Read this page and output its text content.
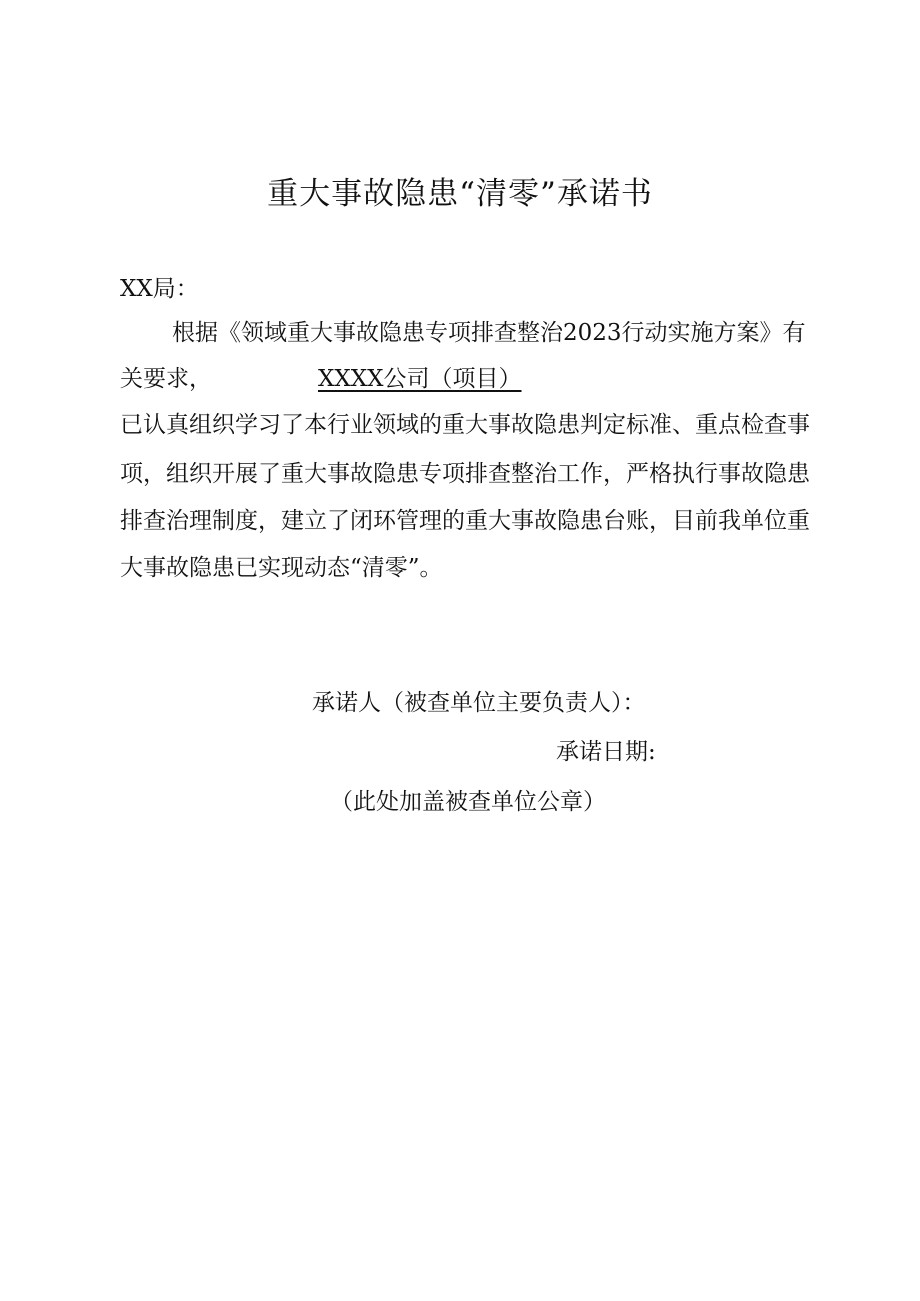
重大事故隐患“清零”承诺书
XX局：
根据《领域重大事故隐患专项排查整治2023行动实施方案》有
关要求，	XXXX公司（项目）
已认真组织学习了本行业领域的重大事故隐患判定标准、重点检查事
项，组织开展了重大事故隐患专项排查整治工作，严格执行事故隐患
排查治理制度，建立了闭环管理的重大事故隐患台账，目前我单位重
大事故隐患已实现动态“清零”。
承诺人（被查单位主要负责人）：
承诺日期:
（此处加盖被查单位公章）
